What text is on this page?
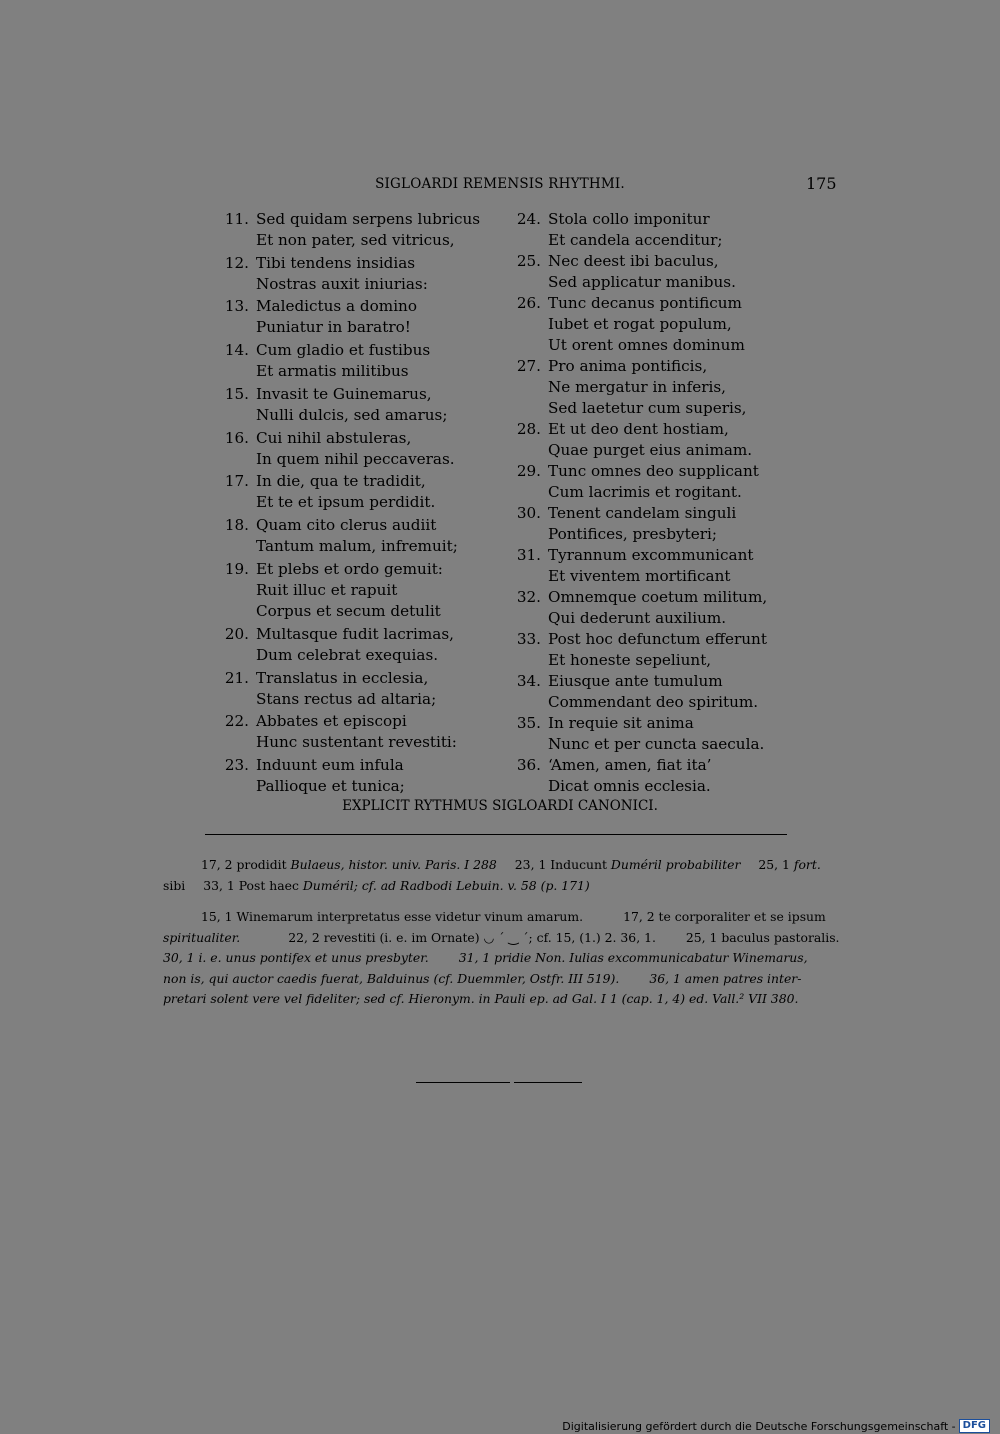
SIGLOARDI REMENSIS RHYTHMI.	175
11. Sed quidam serpens lubricus
Et non pater, sed vitricus,
12. Tibi tendens insidias
Nostras auxit iniurias:
13. Maledictus a domino
Puniatur in baratro!
14. Cum gladio et fustibus
Et armatis militibus
15. Invasit te Guinemarus,
Nulli dulcis, sed amarus;
16. Cui nihil abstuleras,
In quem nihil peccaveras.
17. In die, qua te tradidit,
Et te et ipsum perdidit.
18. Quam cito clerus audiit
Tantum malum, infremuit;
19. Et plebs et ordo gemuit:
Ruit illuc et rapuit
Corpus et secum detulit
20. Multasque fudit lacrimas,
Dum celebrat exequias.
21. Translatus in ecclesia,
Stans rectus ad altaria;
22. Abbates et episcopi
Hunc sustentant revestiti:
23. Induunt eum infula
Pallioque et tunica;
24. Stola collo imponitur
Et candela accenditur;
25. Nec deest ibi baculus,
Sed applicatur manibus.
26. Tunc decanus pontificum
Iubet et rogat populum,
Ut orent omnes dominum
27. Pro anima pontificis,
Ne mergatur in inferis,
Sed laetetur cum superis,
28. Et ut deo dent hostiam,
Quae purget eius animam.
29. Tunc omnes deo supplicant
Cum lacrimis et rogitant.
30. Tenent candelam singuli
Pontifices, presbyteri;
31. Tyrannum excommunicant
Et viventem mortificant
32. Omnemque coetum militum,
Qui dederunt auxilium.
33. Post hoc defunctum efferunt
Et honeste sepeliunt,
34. Eiusque ante tumulum
Commendant deo spiritum.
35. In requie sit anima
Nunc et per cuncta saecula.
36. ‘Amen, amen, fiat ita’
Dicat omnis ecclesia.
EXPLICIT RYTHMUS SIGLOARDI CANONICI.
17, 2 prodidit Bulaeus, histor. univ. Paris. I 288 23, 1 Inducunt Duméril probabiliter 25, 1 fort.
sibi 33, 1 Post haec Duméril; cf. ad Radbodi Lebuin. v. 58 (p. 171)
15, 1 Winemarum interpretatus esse videtur vinum amarum.	17, 2 te corporaliter et se ipsum
spiritualiter.	22, 2 revestiti (i. e. im Ornate) ◡ ˊ ‿ ˊ; cf. 15, (1.) 2. 36, 1. 25, 1 baculus pastoralis.
30, 1 i. e. unus pontifex et unus presbyter. 31, 1 pridie Non. Iulias excommunicabatur Winemarus,
non is, qui auctor caedis fuerat, Balduinus (cf. Duemmler, Ostfr. III 519). 36, 1 amen patres inter-
pretari solent vere vel fideliter; sed cf. Hieronym. in Pauli ep. ad Gal. I 1 (cap. 1, 4) ed. Vall.² VII 380.
Digitalisierung gefördert durch die Deutsche Forschungsgemeinschaft - DFG
